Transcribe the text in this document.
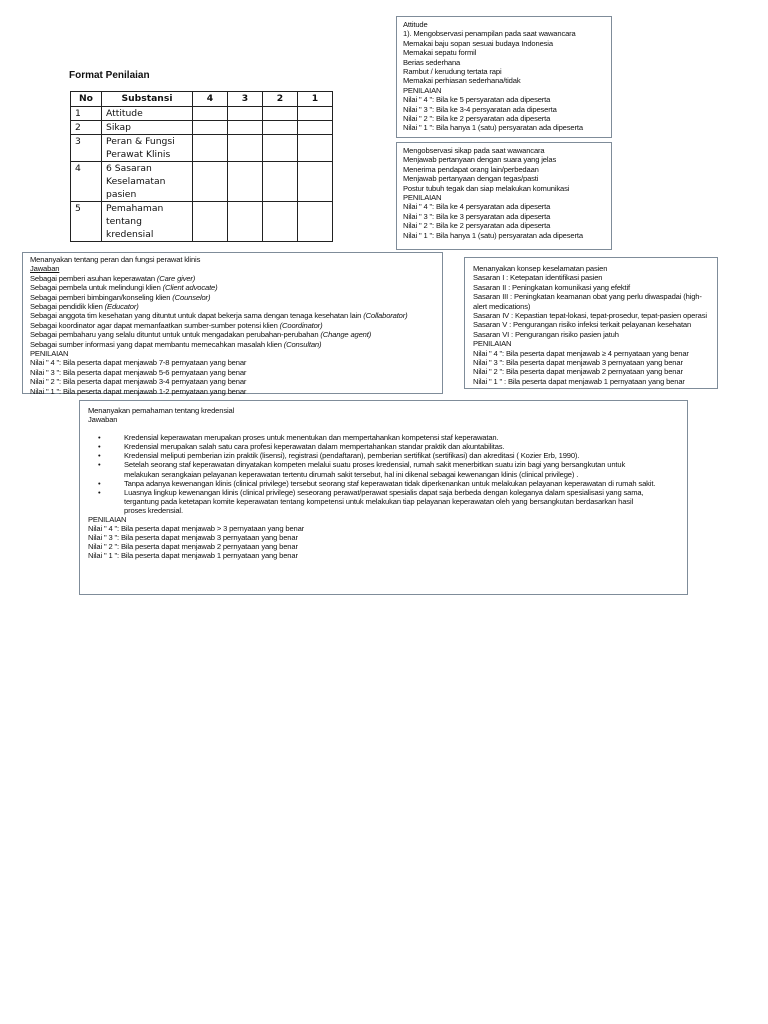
Format Penilaian
No	Substansi	4	3	2	1
1	Attitude				

2	Sikap				

3	Peran & Fungsi
Perawat Klinis				

4	6 Sasaran
Keselamatan
pasien				

5	Pemahaman
tentang
kredensial				

Attitude
1). Mengobservasi penampilan pada saat wawancara
Memakai baju sopan sesuai budaya Indonesia
Memakai sepatu formil
Berias sederhana
Rambut / kerudung tertata rapi
Memakai perhiasan sederhana/tidak
PENILAIAN
Nilai " 4 ": Bila ke 5 persyaratan ada dipeserta
Nilai " 3 ": Bila ke 3-4 persyaratan ada dipeserta
Nilai " 2 ": Bila ke 2 persyaratan ada dipeserta
Nilai " 1 ": Bila hanya 1 (satu) persyaratan ada dipeserta
Mengobservasi sikap pada saat wawancara
Menjawab pertanyaan dengan suara yang jelas
Menerima pendapat orang lain/perbedaan
Menjawab pertanyaan dengan tegas/pasti
Postur tubuh tegak dan siap melakukan komunikasi
PENILAIAN
Nilai " 4 ": Bila ke 4 persyaratan ada dipeserta
Nilai " 3 ": Bila ke 3 persyaratan ada dipeserta
Nilai " 2 ": Bila ke 2 persyaratan ada dipeserta
Nilai " 1 ": Bila hanya 1 (satu) persyaratan ada dipeserta
Menanyakan tentang peran dan fungsi perawat klinis
Jawaban
Sebagai pemberi asuhan keperawatan (Care giver)
Sebagai pembela untuk melindungi klien (Client advocate)
Sebagai pemberi bimbingan/konseling klien (Counselor)
Sebagai pendidik klien (Educator)
Sebagai anggota tim kesehatan yang dituntut untuk dapat bekerja sama dengan tenaga kesehatan lain (Collaborator)
Sebagai koordinator agar dapat memanfaatkan sumber-sumber potensi klien (Coordinator)
Sebagai pembaharu yang selalu dituntut untuk untuk mengadakan perubahan-perubahan (Change agent)
Sebagai sumber informasi yang dapat membantu memecahkan masalah klien (Consultan)
PENILAIAN
Nilai " 4 ": Bila peserta dapat menjawab 7-8 pernyataan yang benar
Nilai " 3 ": Bila peserta dapat menjawab 5-6 pernyataan yang benar
Nilai " 2 ": Bila peserta dapat menjawab 3-4 pernyataan yang benar
Nilai " 1 ": Bila peserta dapat menjawab 1-2 pernyataan yang benar
Menanyakan konsep keselamatan pasien
Sasaran I : Ketepatan identifikasi pasien
Sasaran II : Peningkatan komunikasi yang efektif
Sasaran III : Peningkatan keamanan obat yang perlu diwaspadai (high-
alert medications)
Sasaran IV : Kepastian tepat-lokasi, tepat-prosedur, tepat-pasien operasi
Sasaran V : Pengurangan risiko infeksi terkait pelayanan kesehatan
Sasaran VI : Pengurangan risiko pasien jatuh
PENILAIAN
Nilai " 4 ": Bila peserta dapat menjawab ≥ 4 pernyataan yang benar
Nilai " 3 ": Bila peserta dapat menjawab 3 pernyataan yang benar
Nilai " 2 ": Bila peserta dapat menjawab 2 pernyataan yang benar
Nilai " 1 " : Bila peserta dapat menjawab 1 pernyataan yang benar
Menanyakan pemahaman tentang kredensial
Jawaban
• Kredensial keperawatan merupakan proses untuk menentukan dan mempertahankan kompetensi staf keperawatan.
• Kredensial merupakan salah satu cara profesi keperawatan dalam mempertahankan standar praktik dan akuntabilitas.
• Kredensial meliputi pemberian izin praktik (lisensi), registrasi (pendaftaran), pemberian sertifikat (sertifikasi) dan akreditasi ( Kozier Erb, 1990).
• Setelah seorang staf keperawatan dinyatakan kompeten melalui suatu proses kredensial, rumah sakit menerbitkan suatu izin bagi yang bersangkutan untuk
melakukan serangkaian pelayanan keperawatan tertentu dirumah sakit tersebut, hal ini dikenal sebagai kewenangan klinis (clinical privilege) .
• Tanpa adanya kewenangan klinis (clinical privilege) tersebut seorang staf keperawatan tidak diperkenankan untuk melakukan pelayanan keperawatan di rumah sakit.
• Luasnya lingkup kewenangan klinis (clinical privilege) seseorang perawat/perawat spesialis dapat saja berbeda dengan koleganya dalam spesialisasi yang sama,
tergantung pada ketetapan komite keperawatan tentang kompetensi untuk melakukan tiap pelayanan keperawatan oleh yang bersangkutan berdasarkan hasil
proses kredensial.
PENILAIAN
Nilai " 4 ": Bila peserta dapat menjawab > 3 pernyataan yang benar
Nilai " 3 ": Bila peserta dapat menjawab 3 pernyataan yang benar
Nilai " 2 ": Bila peserta dapat menjawab 2 pernyataan yang benar
Nilai " 1 ": Bila peserta dapat menjawab 1 pernyataan yang benar
